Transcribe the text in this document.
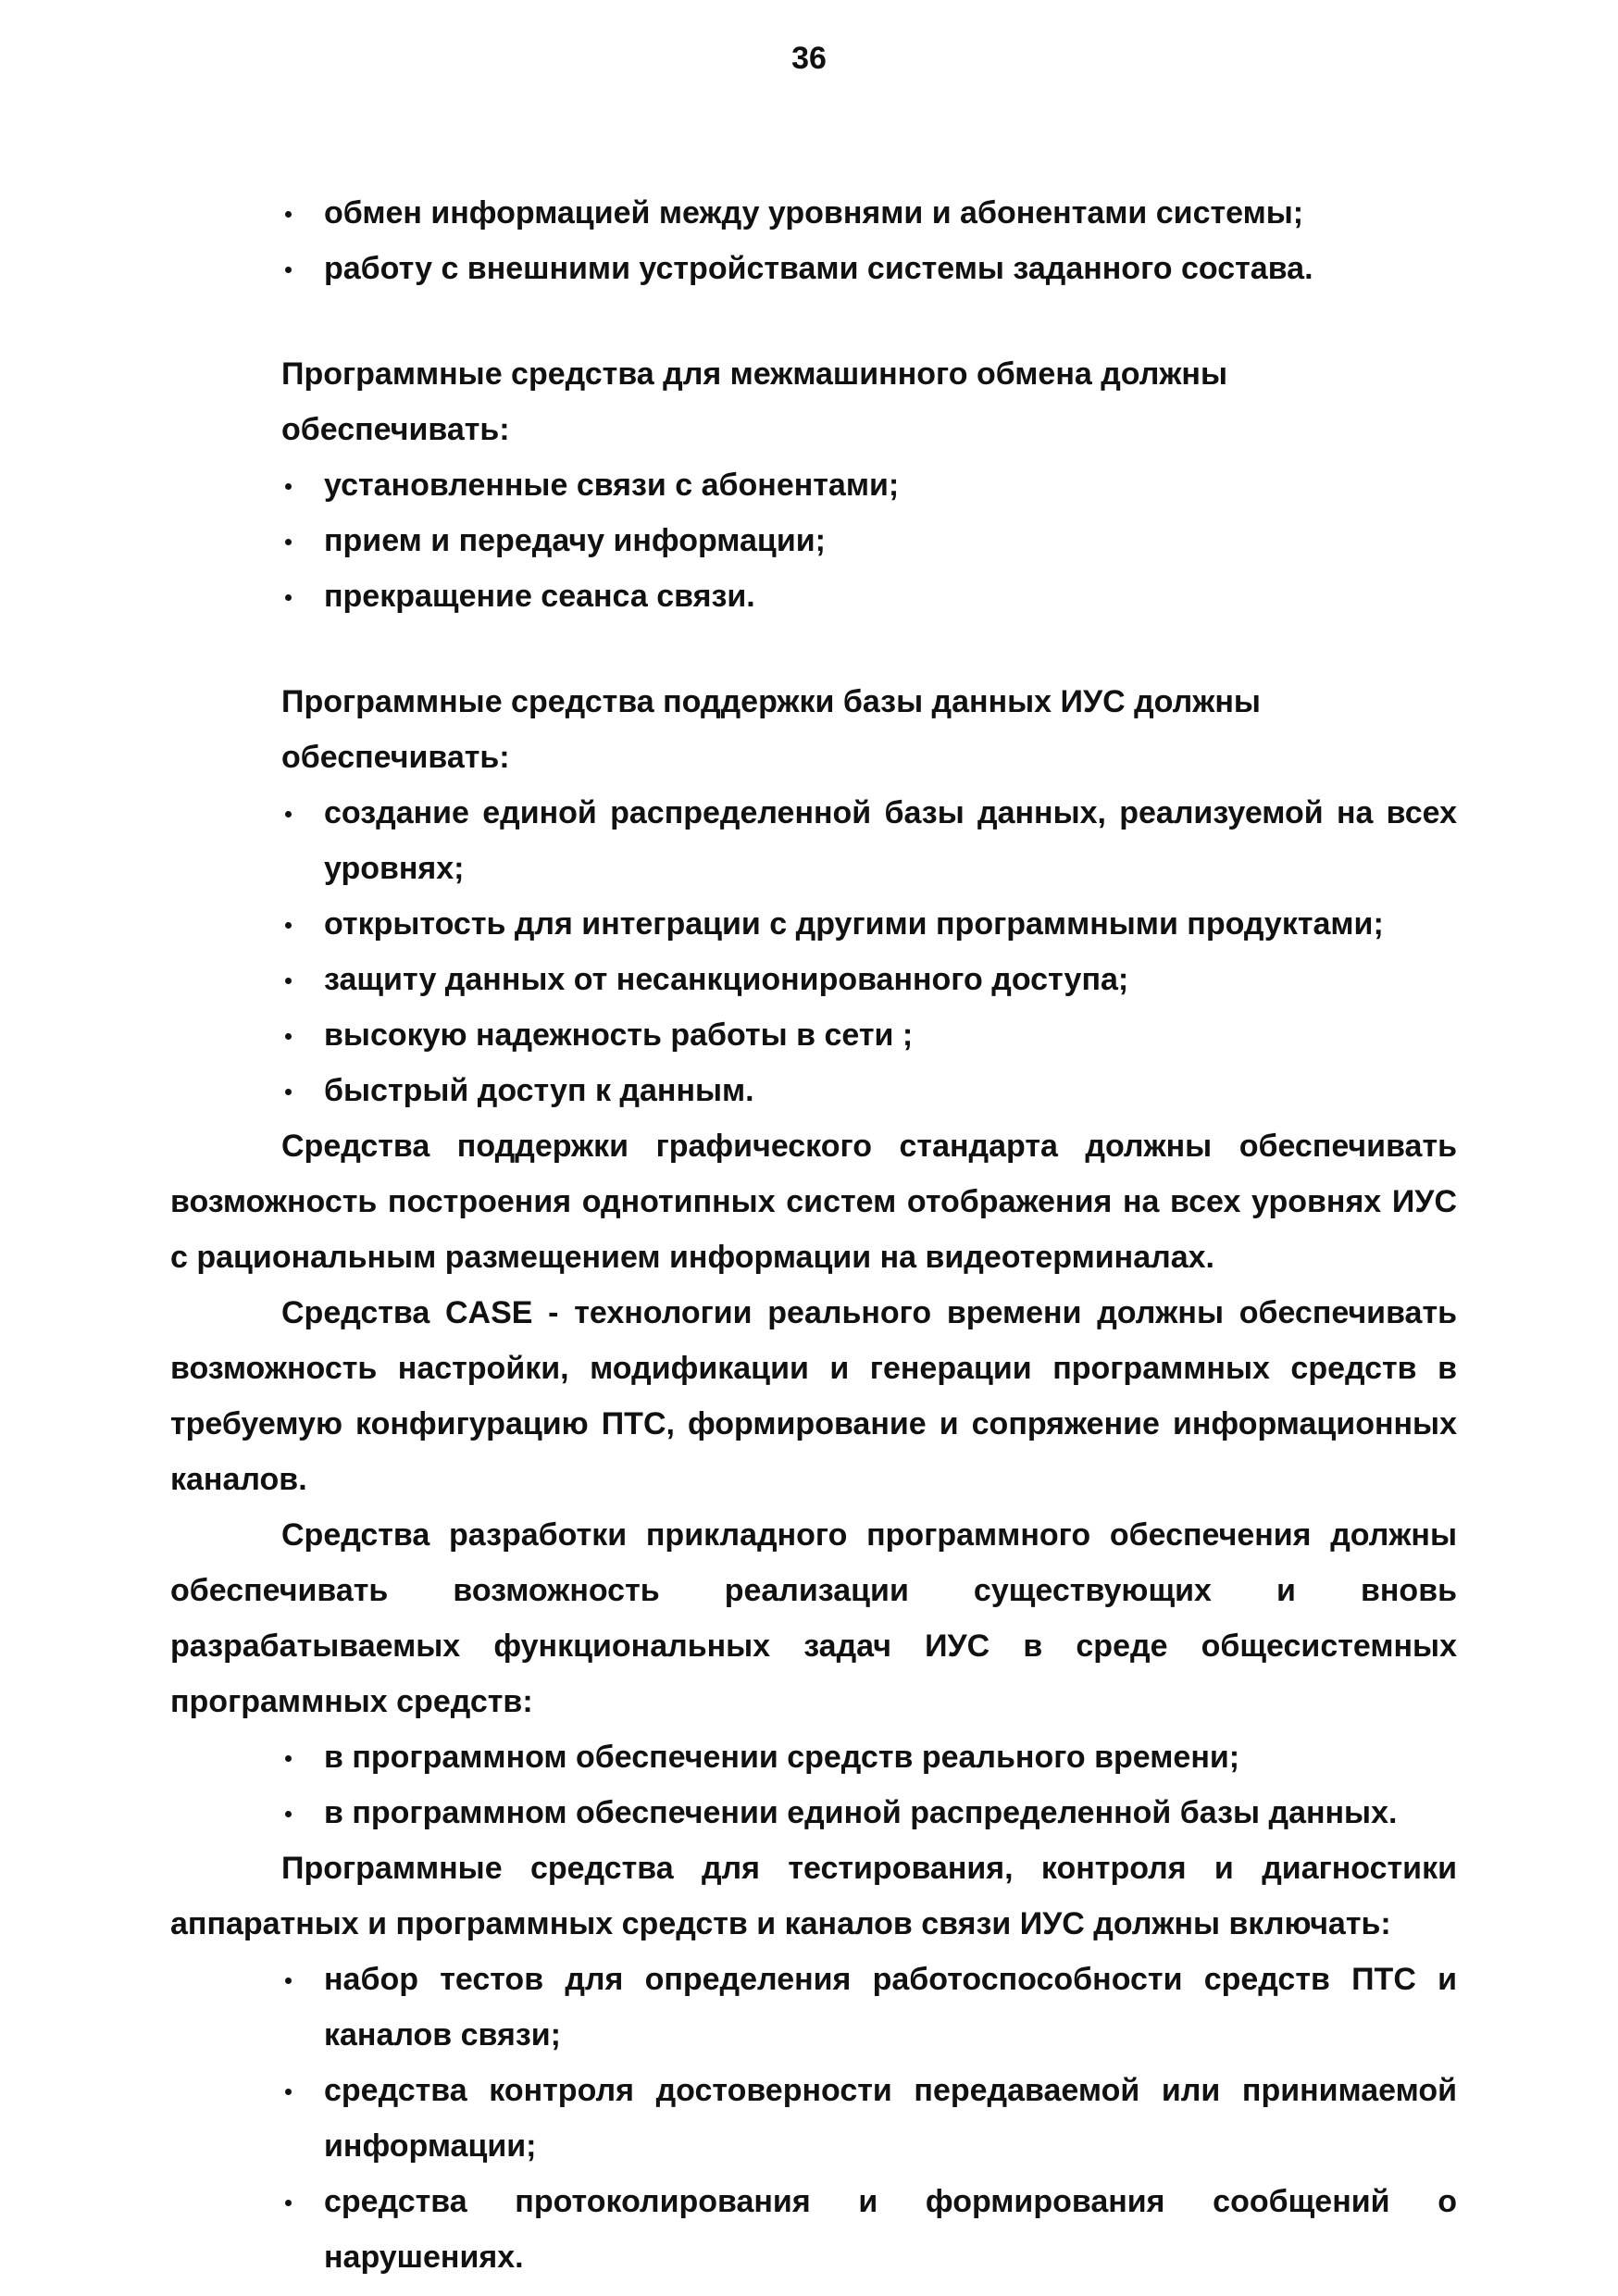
36
обмен информацией между уровнями и абонентами системы;
работу с внешними устройствами системы заданного состава.

Программные средства для межмашинного обмена должны обеспечивать:

установленные связи с абонентами;
прием и передачу информации;
прекращение сеанса связи.

Программные средства поддержки базы данных ИУС должны обеспечивать:

создание единой распределенной базы данных, реализуемой на всех уровнях;
открытость для интеграции с другими программными продуктами;
защиту данных от несанкционированного доступа;
высокую надежность работы в сети ;
быстрый доступ к данным.

Средства поддержки графического стандарта должны обеспечивать возможность построения однотипных систем отображения на всех уровнях ИУС с рациональным размещением информации на видеотерминалах.

Средства CASE - технологии реального времени должны обеспечивать возможность настройки, модификации и генерации программных средств в требуемую конфигурацию ПТС, формирование и сопряжение информационных каналов.

Средства разработки прикладного программного обеспечения должны обеспечивать возможность реализации существующих и вновь разрабатываемых функциональных задач ИУС в среде общесистемных программных средств:

в программном обеспечении средств реального времени;
в программном обеспечении единой распределенной базы данных.

Программные средства для тестирования, контроля и диагностики аппаратных и программных средств и каналов связи ИУС должны включать:

набор тестов для определения работоспособности средств ПТС и каналов связи;
средства контроля достоверности передаваемой или принимаемой информации;
средства протоколирования и формирования сообщений о нарушениях.
